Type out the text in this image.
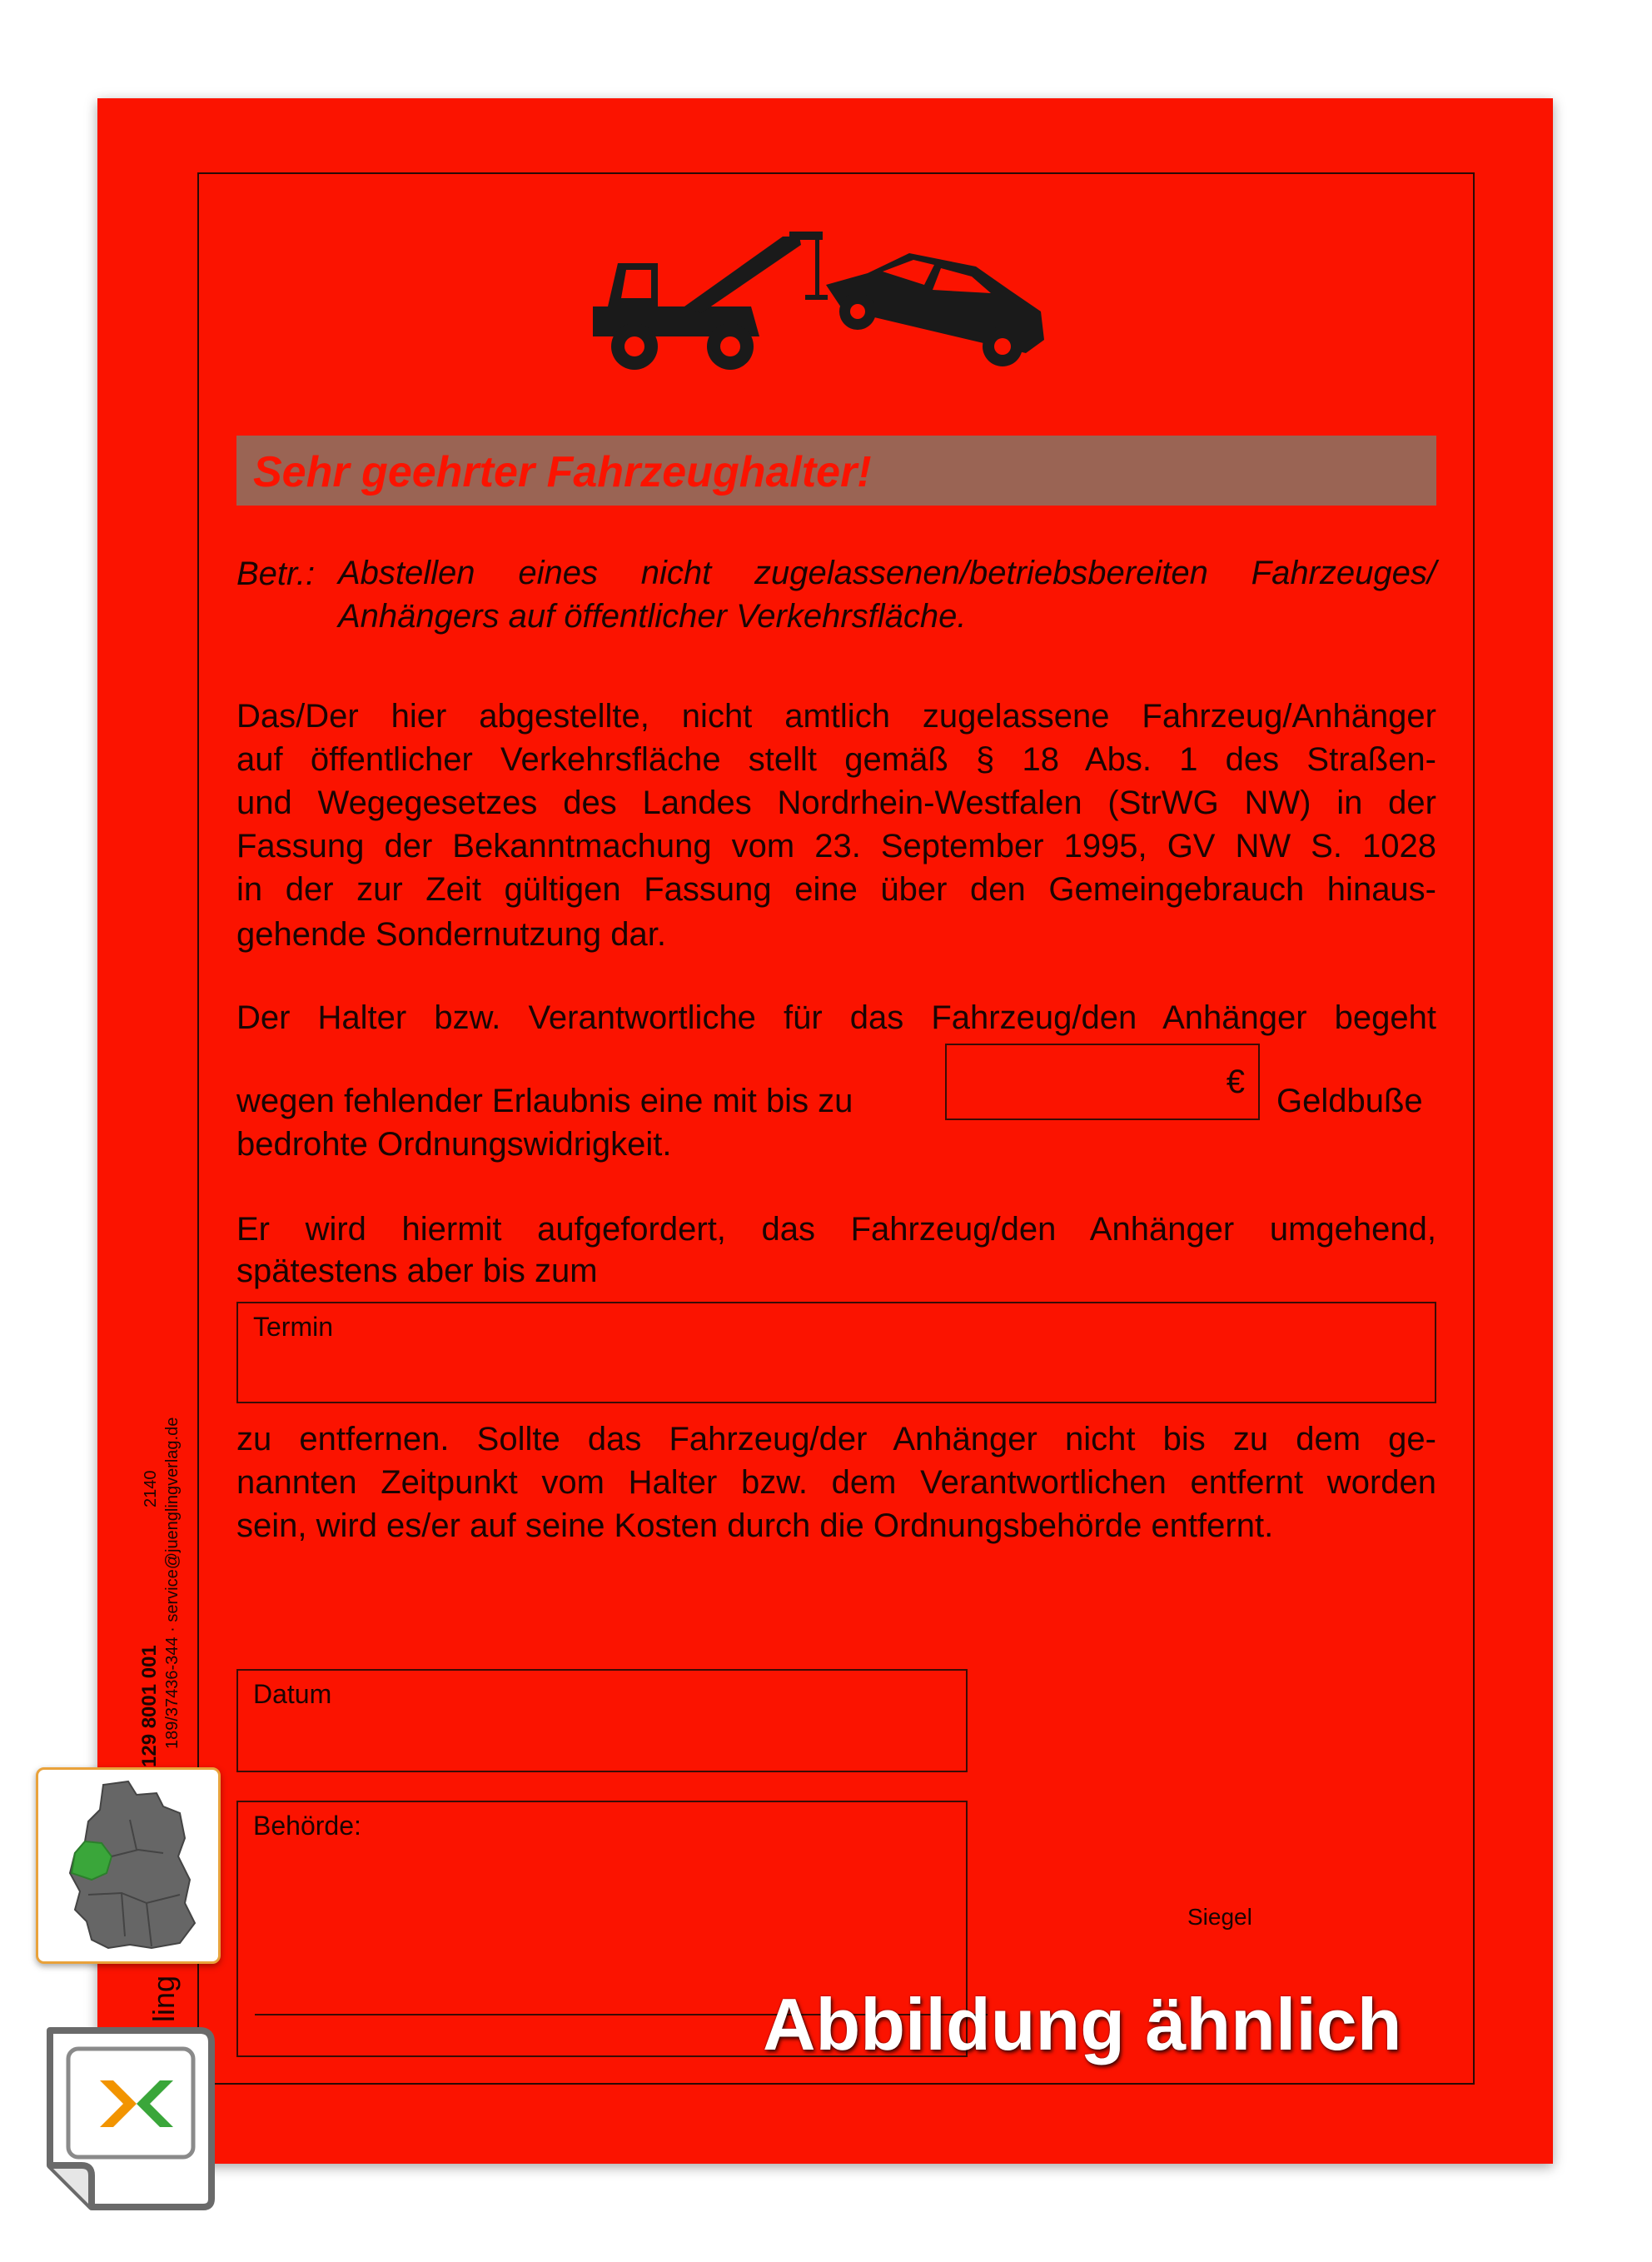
Sehr geehrter Fahrzeughalter!
Betr.: Abstellen eines nicht zugelassenen/betriebsbereiten Fahrzeuges/
Anhängers auf öffentlicher Verkehrsfläche.
Das/Der hier abgestellte, nicht amtlich zugelassene Fahrzeug/Anhänger
auf öffentlicher Verkehrsfläche stellt gemäß § 18 Abs. 1 des Straßen-
und Wegegesetzes des Landes Nordrhein-Westfalen (StrWG NW) in der
Fassung der Bekanntmachung vom 23. September 1995, GV NW S. 1028
in der zur Zeit gültigen Fassung eine über den Gemeingebrauch hinaus-
gehende Sondernutzung dar.
Der Halter bzw. Verantwortliche für das Fahrzeug/den Anhänger begeht
wegen fehlender Erlaubnis eine mit bis zu
€
Geldbuße
bedrohte Ordnungswidrigkeit.
Er wird hiermit aufgefordert, das Fahrzeug/den Anhänger umgehend,
spätestens aber bis zum
Termin
zu entfernen. Sollte das Fahrzeug/der Anhänger nicht bis zu dem ge-
nannten Zeitpunkt vom Halter bzw. dem Verantwortlichen entfernt worden
sein, wird es/er auf seine Kosten durch die Ordnungsbehörde entfernt.
Datum
Behörde:
Siegel
2140 189/37436-344 · service@juenglingverlag.de
129 8001 001
ling	Abbildung ähnlich
